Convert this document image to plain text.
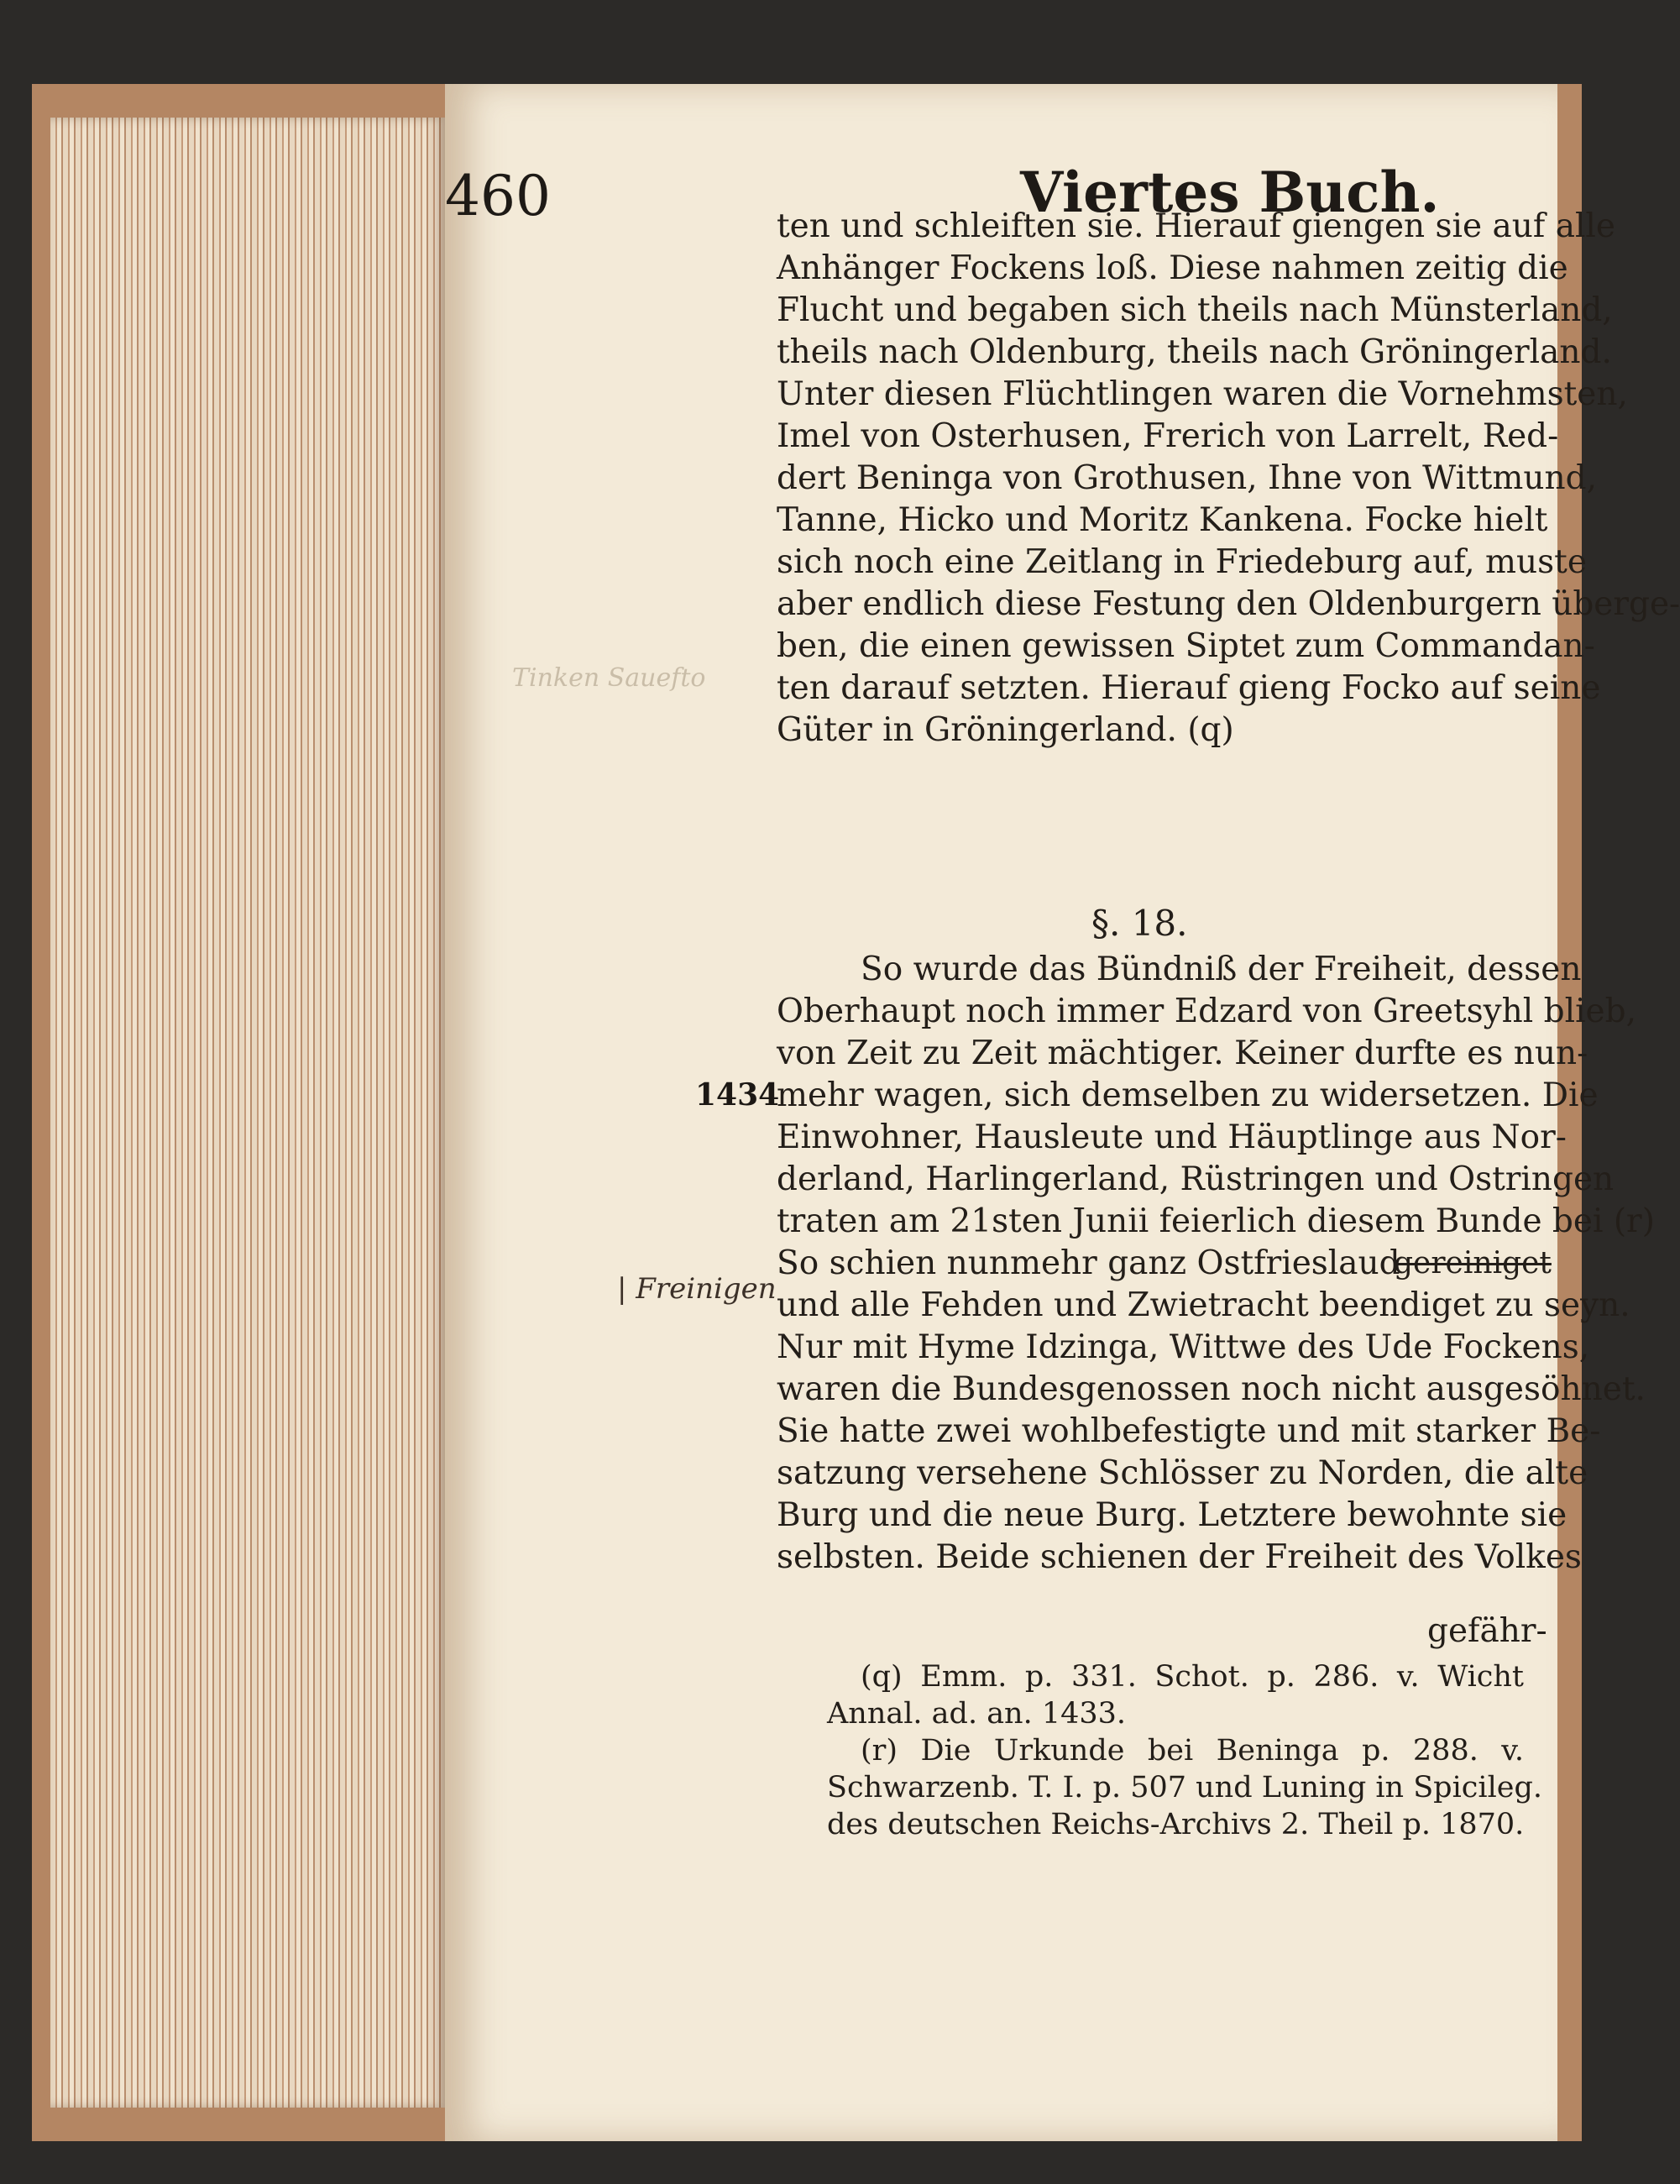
460	Viertes Buch.
Tinken Sauefto
ten und schleiften sie. Hierauf giengen sie auf alle
Anhänger Fockens loß. Diese nahmen zeitig die
Flucht und begaben sich theils nach Münsterland,
theils nach Oldenburg, theils nach Gröningerland.
Unter diesen Flüchtlingen waren die Vornehmsten,
Imel von Osterhusen, Frerich von Larrelt, Red-
dert Beninga von Grothusen, Ihne von Wittmund,
Tanne, Hicko und Moritz Kankena. Focke hielt
sich noch eine Zeitlang in Friedeburg auf, muste
aber endlich diese Festung den Oldenburgern überge-
ben, die einen gewissen Siptet zum Commandan-
ten darauf setzten. Hierauf gieng Focko auf seine
Güter in Gröningerland. (q)
§. 18.
So wurde das Bündniß der Freiheit, dessen
Oberhaupt noch immer Edzard von Greetsyhl blieb,
von Zeit zu Zeit mächtiger. Keiner durfte es nun-
mehr wagen, sich demselben zu widersetzen. Die
Einwohner, Hausleute und Häuptlinge aus Nor-
derland, Harlingerland, Rüstringen und Ostringen
traten am 21sten Junii feierlich diesem Bunde bei (r)
So schien nunmehr ganz Ostfrieslaud
gereiniget
und alle Fehden und Zwietracht beendiget zu seyn.
Nur mit Hyme Idzinga, Wittwe des Ude Fockens,
waren die Bundesgenossen noch nicht ausgesöhnet.
Sie hatte zwei wohlbefestigte und mit starker Be-
satzung versehene Schlösser zu Norden, die alte
Burg und die neue Burg. Letztere bewohnte sie
selbsten. Beide schienen der Freiheit des Volkes
gefähr-
1434
| Freinigen
(q) Emm. p. 331. Schot. p. 286. v. Wicht
Annal. ad. an. 1433.
(r) Die Urkunde bei Beninga p. 288. v.
Schwarzenb. T. I. p. 507 und Luning in Spicileg.
des deutschen Reichs-Archivs 2. Theil p. 1870.
